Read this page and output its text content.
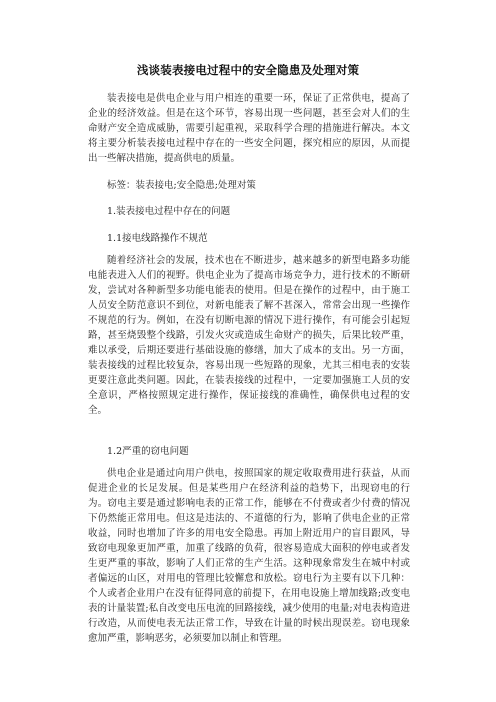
浅谈装表接电过程中的安全隐患及处理对策

装表接电是供电企业与用户相连的重要一环，保证了正常供电，提高了企业的经济效益。但是在这个环节，容易出现一些问题，甚至会对人们的生命财产安全造成威胁，需要引起重视，采取科学合理的措施进行解决。本文将主要分析装表接电过程中存在的一些安全问题，探究相应的原因，从而提出一些解决措施，提高供电的质量。

标签：装表接电;安全隐患;处理对策
1.装表接电过程中存在的问题
1.1接电线路操作不规范

随着经济社会的发展，技术也在不断进步，越来越多的新型电路多功能电能表进入人们的视野。供电企业为了提高市场竞争力，进行技术的不断研发，尝试对各种新型多功能电能表的使用。但是在操作的过程中，由于施工人员安全防范意识不到位，对新电能表了解不甚深入，常常会出现一些操作不规范的行为。例如，在没有切断电源的情况下进行操作，有可能会引起短路，甚至烧毁整个线路，引发火灾或造成生命财产的损失，后果比较严重，难以承受，后期还要进行基础设施的修缮，加大了成本的支出。另一方面，装表接线的过程比较复杂，容易出现一些短路的现象，尤其三相电表的安装更要注意此类问题。因此，在装表接线的过程中，一定要加强施工人员的安全意识，严格按照规定进行操作，保证接线的准确性，确保供电过程的安全。

1.2严重的窃电问题

供电企业是通过向用户供电，按照国家的规定收取费用进行获益，从而促进企业的长足发展。但是某些用户在经济利益的趋势下，出现窃电的行为。窃电主要是通过影响电表的正常工作，能够在不付费或者少付费的情况下仍然能正常用电。但这是违法的、不道德的行为，影响了供电企业的正常收益，同时也增加了许多的用电安全隐患。再加上附近用户的盲目跟风，导致窃电现象更加严重，加重了线路的负荷，很容易造成大面积的停电或者发生更严重的事故，影响了人们正常的生产生活。这种现象常发生在城中村或者偏远的山区，对用电的管理比较懈怠和放松。窃电行为主要有以下几种：个人或者企业用户在没有征得同意的前提下，在用电设施上增加线路;改变电表的计量装置;私自改变电压电流的回路接线，减少使用的电量;对电表构造进行改造，从而使电表无法正常工作，导致在计量的时候出现误差。窃电现象愈加严重，影响恶劣，必须要加以制止和管理。
